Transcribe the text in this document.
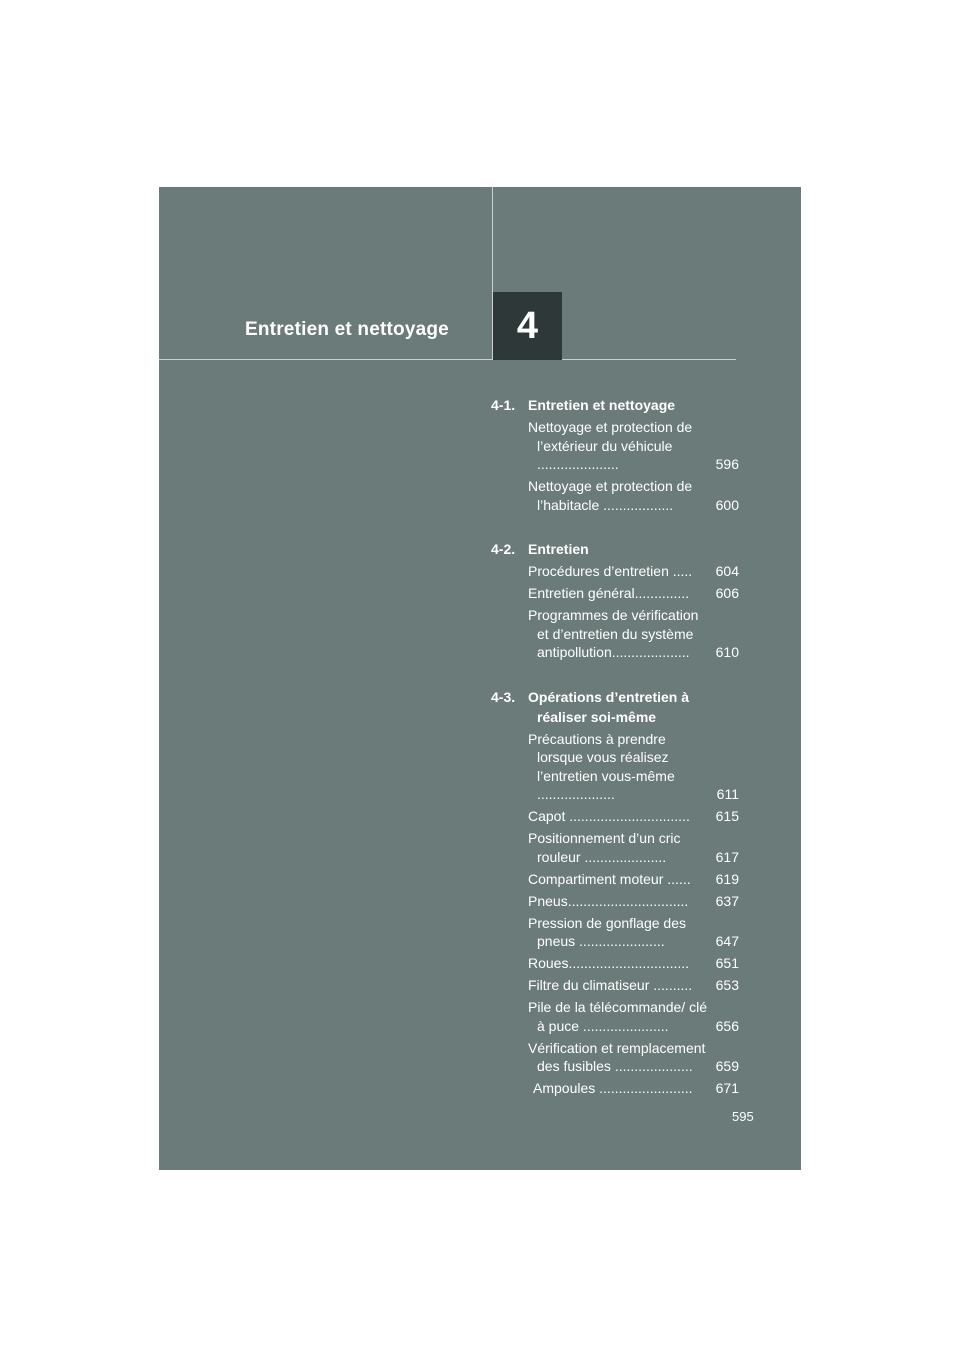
4
Entretien et nettoyage
4-1. Entretien et nettoyage
Nettoyage et protection de l’extérieur du véhicule .....................	596
Nettoyage et protection de l’habitacle ..................	600
4-2. Entretien
Procédures d’entretien .....	604
Entretien général..............	606
Programmes de vérification et d’entretien du système antipollution....................	610
4-3. Opérations d’entretien à réaliser soi-même
Précautions à prendre lorsque vous réalisez l’entretien vous-même ....................	611
Capot ...............................	615
Positionnement d’un cric rouleur .....................	617
Compartiment moteur ......	619
Pneus...............................	637
Pression de gonflage des pneus ......................	647
Roues...............................	651
Filtre du climatiseur ..........	653
Pile de la télécommande/ clé à puce ......................	656
Vérification et remplacement des fusibles ....................	659
Ampoules ........................	671
595
